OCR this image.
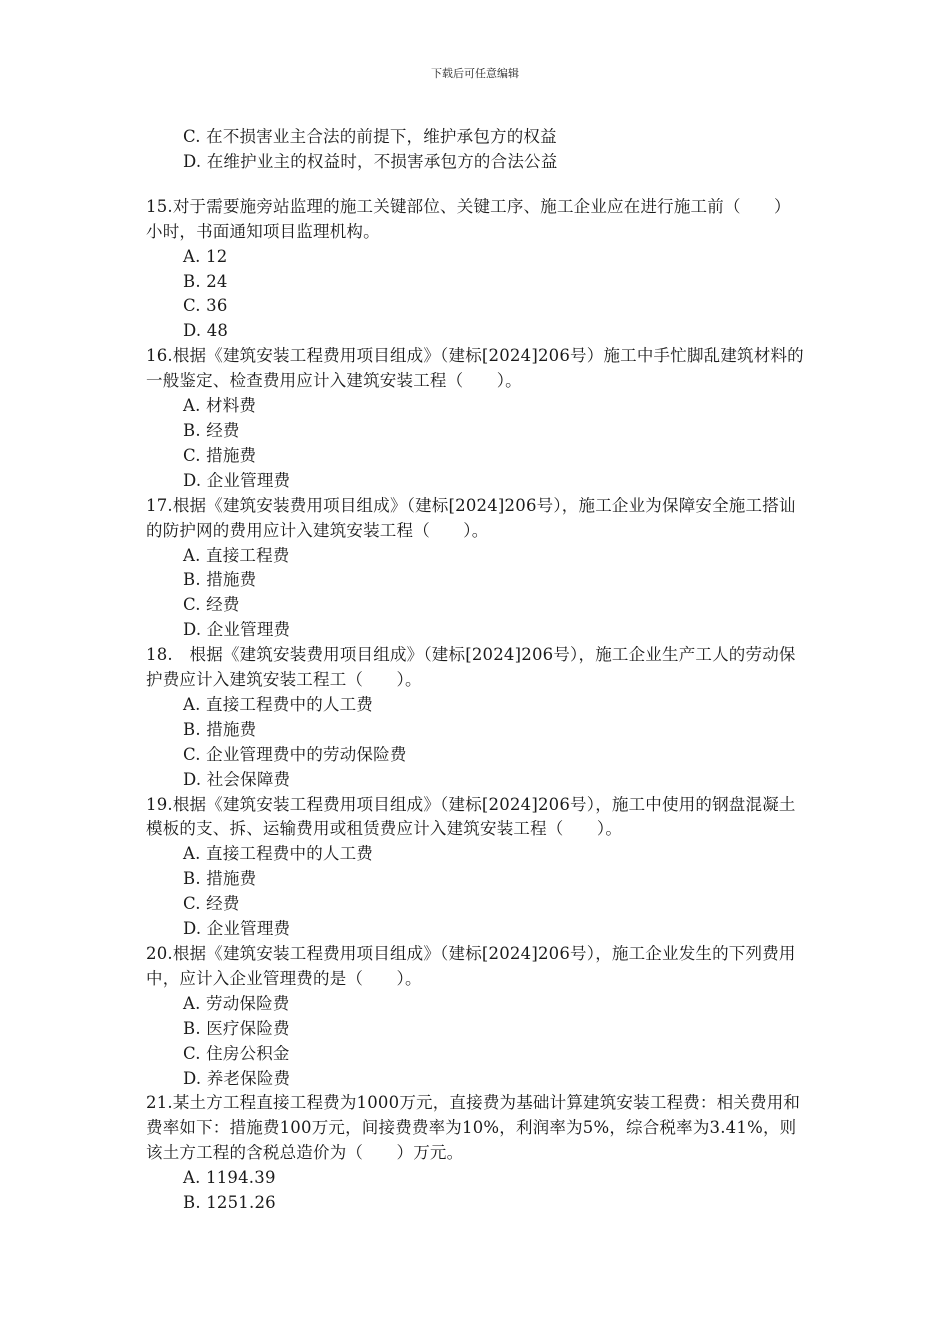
下载后可任意编辑

C. 在不损害业主合法的前提下，维护承包方的权益

D. 在维护业主的权益时，不损害承包方的合法公益

15.对于需要施旁站监理的施工关键部位、关键工序、施工企业应在进行施工前（　　）小时，书面通知项目监理机构。

A. 12

B. 24

C. 36

D. 48

16.根据《建筑安装工程费用项目组成》（建标[2024]206号）施工中手忙脚乱建筑材料的一般鉴定、检查费用应计入建筑安装工程（　　）。

A. 材料费

B. 经费

C. 措施费

D. 企业管理费

17.根据《建筑安装费用项目组成》（建标[2024]206号），施工企业为保障安全施工搭讪的防护网的费用应计入建筑安装工程（　　）。

A. 直接工程费

B. 措施费

C. 经费

D. 企业管理费

18.　根据《建筑安装费用项目组成》（建标[2024]206号），施工企业生产工人的劳动保护费应计入建筑安装工程工（　　）。

A. 直接工程费中的人工费

B. 措施费

C. 企业管理费中的劳动保险费

D. 社会保障费

19.根据《建筑安装工程费用项目组成》（建标[2024]206号），施工中使用的钢盘混凝土模板的支、拆、运输费用或租赁费应计入建筑安装工程（　　）。

A. 直接工程费中的人工费

B. 措施费

C. 经费

D. 企业管理费

20.根据《建筑安装工程费用项目组成》（建标[2024]206号），施工企业发生的下列费用中，应计入企业管理费的是（　　）。

A. 劳动保险费

B. 医疗保险费

C. 住房公积金

D. 养老保险费

21.某土方工程直接工程费为1000万元，直接费为基础计算建筑安装工程费：相关费用和费率如下：措施费100万元，间接费费率为10%，利润率为5%，综合税率为3.41%，则该土方工程的含税总造价为（　　）万元。

A. 1194.39

B. 1251.26
